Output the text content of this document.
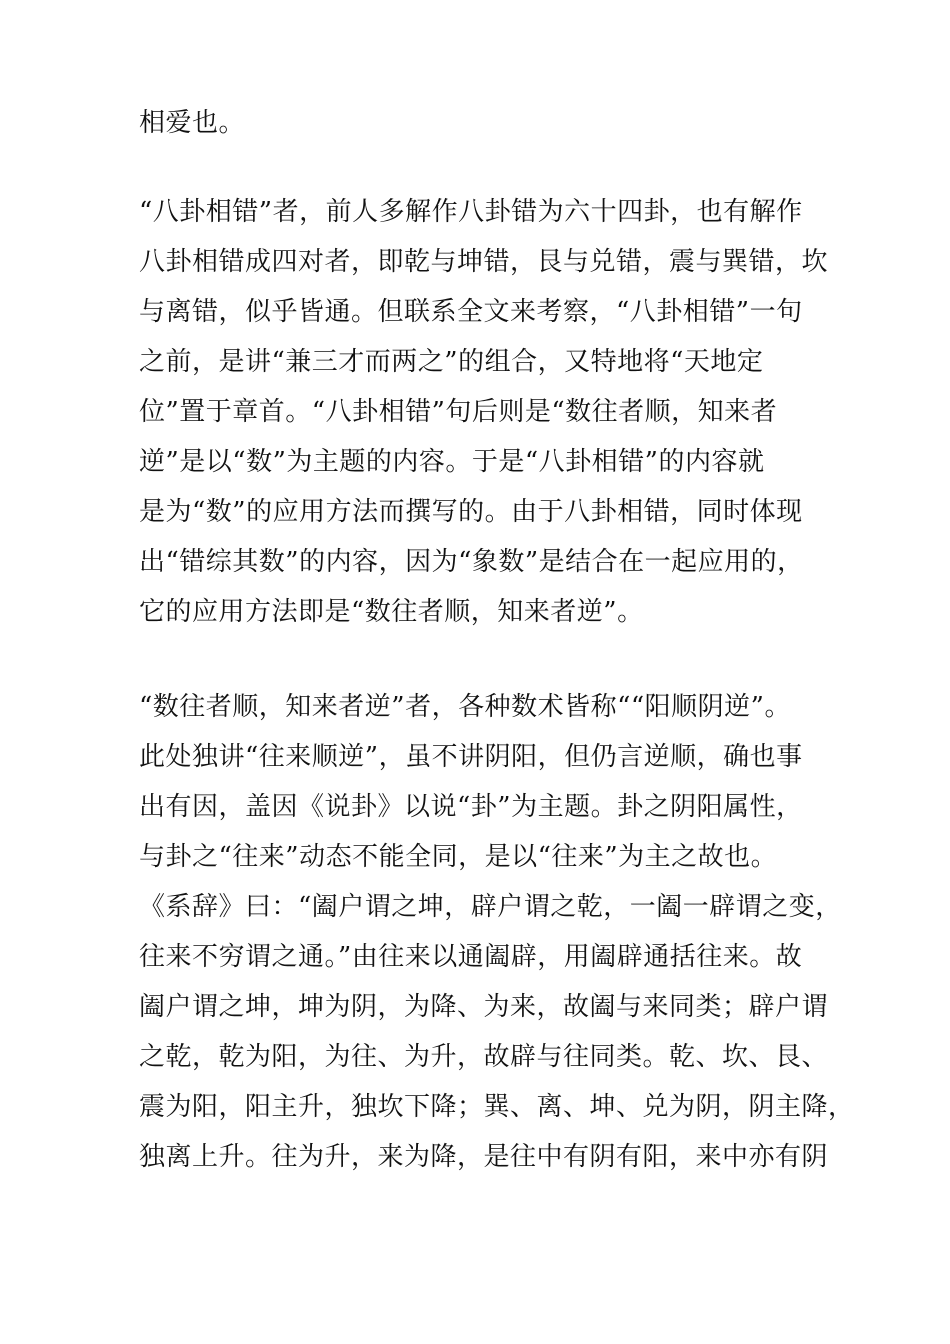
相爱也。
“八卦相错”者，前人多解作八卦错为六十四卦，也有解作
八卦相错成四对者，即乾与坤错，艮与兑错，震与巽错，坎
与离错，似乎皆通。但联系全文来考察，“八卦相错”一句
之前，是讲“兼三才而两之”的组合，又特地将“天地定
位”置于章首。“八卦相错”句后则是“数往者顺，知来者
逆”是以“数”为主题的内容。于是“八卦相错”的内容就
是为“数”的应用方法而撰写的。由于八卦相错，同时体现
出“错综其数”的内容，因为“象数”是结合在一起应用的，
它的应用方法即是“数往者顺，知来者逆”。
“数往者顺，知来者逆”者，各种数术皆称““阳顺阴逆”。
此处独讲“往来顺逆”，虽不讲阴阳，但仍言逆顺，确也事
出有因，盖因《说卦》以说“卦”为主题。卦之阴阳属性，
与卦之“往来”动态不能全同，是以“往来”为主之故也。
《系辞》曰：“阖户谓之坤，辟户谓之乾，一阖一辟谓之变，
往来不穷谓之通。”由往来以通阖辟，用阖辟通括往来。故
阖户谓之坤，坤为阴，为降、为来，故阖与来同类；辟户谓
之乾，乾为阳，为往、为升，故辟与往同类。乾、坎、艮、
震为阳，阳主升，独坎下降；巽、离、坤、兑为阴，阴主降，
独离上升。往为升，来为降，是往中有阴有阳，来中亦有阴
